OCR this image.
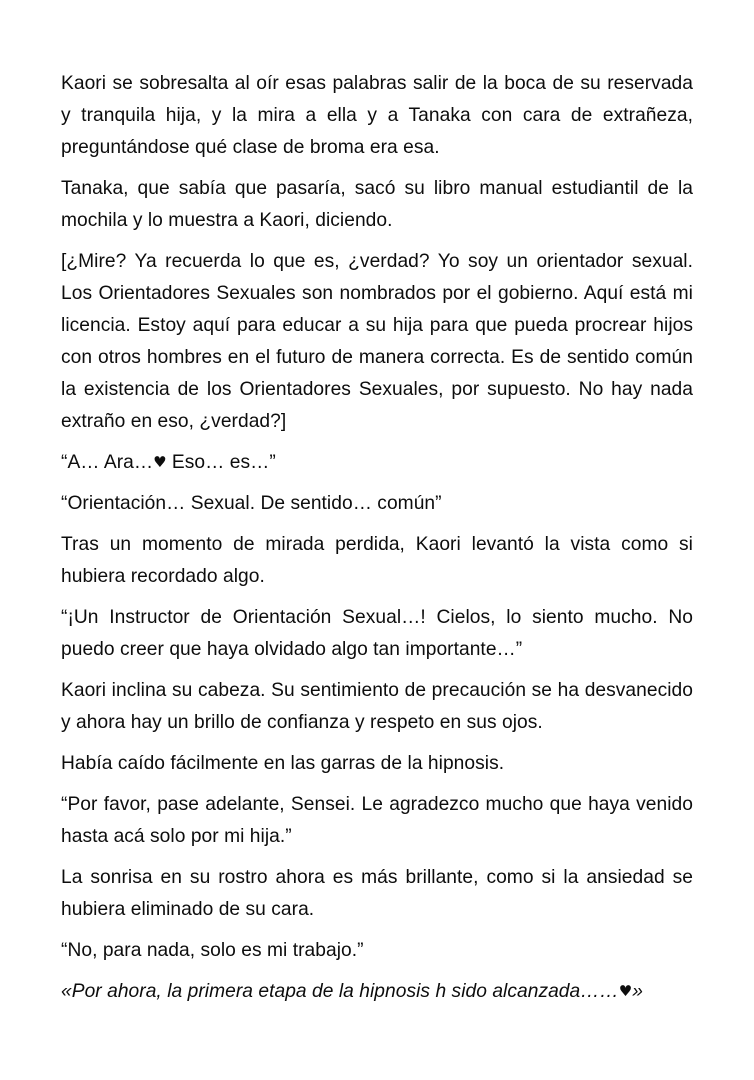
Kaori se sobresalta al oír esas palabras salir de la boca de su reservada y tranquila hija, y la mira a ella y a Tanaka con cara de extrañeza, preguntándose qué clase de broma era esa.

Tanaka, que sabía que pasaría, sacó su libro manual estudiantil de la mochila y lo muestra a Kaori, diciendo.

[¿Mire? Ya recuerda lo que es, ¿verdad? Yo soy un orientador sexual. Los Orientadores Sexuales son nombrados por el gobierno. Aquí está mi licencia. Estoy aquí para educar a su hija para que pueda procrear hijos con otros hombres en el futuro de manera correcta. Es de sentido común la existencia de los Orientadores Sexuales, por supuesto. No hay nada extraño en eso, ¿verdad?]

“A… Ara…♥ Eso… es…”

“Orientación… Sexual. De sentido… común”

Tras un momento de mirada perdida, Kaori levantó la vista como si hubiera recordado algo.

“¡Un Instructor de Orientación Sexual…! Cielos, lo siento mucho. No puedo creer que haya olvidado algo tan importante…”

Kaori inclina su cabeza. Su sentimiento de precaución se ha desvanecido y ahora hay un brillo de confianza y respeto en sus ojos.

Había caído fácilmente en las garras de la hipnosis.

“Por favor, pase adelante, Sensei. Le agradezco mucho que haya venido hasta acá solo por mi hija.”

La sonrisa en su rostro ahora es más brillante, como si la ansiedad se hubiera eliminado de su cara.

“No, para nada, solo es mi trabajo.”

«Por ahora, la primera etapa de la hipnosis h sido alcanzada……♥»
